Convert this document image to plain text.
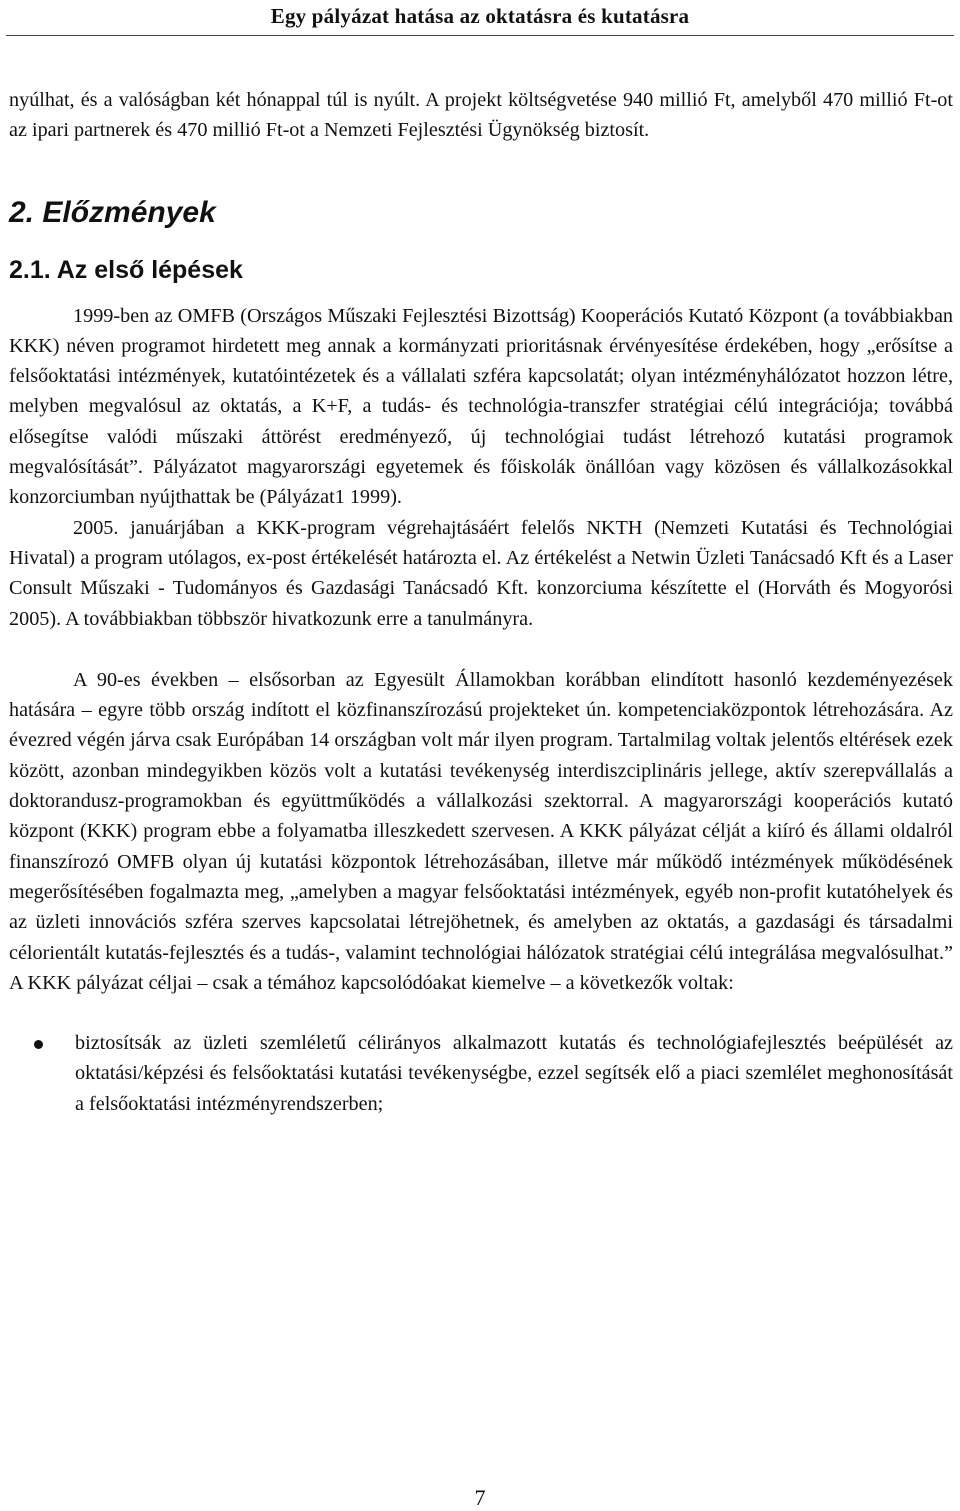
Egy pályázat hatása az oktatásra és kutatásra

nyúlhat, és a valóságban két hónappal túl is nyúlt. A projekt költségvetése 940 millió Ft, amelyből 470 millió Ft-ot az ipari partnerek és 470 millió Ft-ot a Nemzeti Fejlesztési Ügynökség biztosít.

2. Előzmények
2.1. Az első lépések

1999-ben az OMFB (Országos Műszaki Fejlesztési Bizottság) Kooperációs Kutató Központ (a továbbiakban KKK) néven programot hirdetett meg annak a kormányzati prioritásnak érvényesítése érdekében, hogy „erősítse a felsőoktatási intézmények, kutatóintézetek és a vállalati szféra kapcsolatát; olyan intézményhálózatot hozzon létre, melyben megvalósul az oktatás, a K+F, a tudás- és technológia-transzfer stratégiai célú integrációja; továbbá elősegítse valódi műszaki áttörést eredményező, új technológiai tudást létrehozó kutatási programok megvalósítását”. Pályázatot magyarországi egyetemek és főiskolák önállóan vagy közösen és vállalkozásokkal konzorciumban nyújthattak be (Pályázat1 1999).

2005. januárjában a KKK-program végrehajtásáért felelős NKTH (Nemzeti Kutatási és Technológiai Hivatal) a program utólagos, ex-post értékelését határozta el. Az értékelést a Netwin Üzleti Tanácsadó Kft és a Laser Consult Műszaki - Tudományos és Gazdasági Tanácsadó Kft. konzorciuma készítette el (Horváth és Mogyorósi 2005). A továbbiakban többször hivatkozunk erre a tanulmányra.

A 90-es években – elsősorban az Egyesült Államokban korábban elindított hasonló kezdeményezések hatására – egyre több ország indított el közfinanszírozású projekteket ún. kompetenciaközpontok létrehozására. Az évezred végén járva csak Európában 14 országban volt már ilyen program. Tartalmilag voltak jelentős eltérések ezek között, azonban mindegyikben közös volt a kutatási tevékenység interdiszciplináris jellege, aktív szerepvállalás a doktorandusz-programokban és együttműködés a vállalkozási szektorral. A magyarországi kooperációs kutató központ (KKK) program ebbe a folyamatba illeszkedett szervesen. A KKK pályázat célját a kiíró és állami oldalról finanszírozó OMFB olyan új kutatási központok létrehozásában, illetve már működő intézmények működésének megerősítésében fogalmazta meg, „amelyben a magyar felsőoktatási intézmények, egyéb non-profit kutatóhelyek és az üzleti innovációs szféra szerves kapcsolatai létrejöhetnek, és amelyben az oktatás, a gazdasági és társadalmi célorientált kutatás-fejlesztés és a tudás-, valamint technológiai hálózatok stratégiai célú integrálása megvalósulhat.” A KKK pályázat céljai – csak a témához kapcsolódóakat kiemelve – a következők voltak:

biztosítsák az üzleti szemléletű célirányos alkalmazott kutatás és technológiafejlesztés beépülését az oktatási/képzési és felsőoktatási kutatási tevékenységbe, ezzel segítsék elő a piaci szemlélet meghonosítását a felsőoktatási intézményrendszerben;
7
